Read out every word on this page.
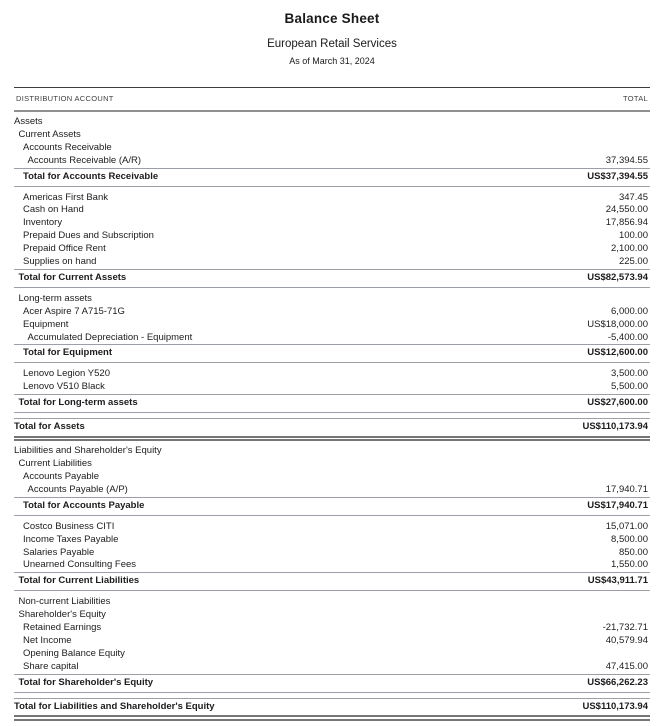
Balance Sheet
European Retail Services
As of March 31, 2024
DISTRIBUTION ACCOUNT	TOTAL
Assets
Current Assets
Accounts Receivable
Accounts Receivable (A/R)	37,394.55
Total for Accounts Receivable	US$37,394.55
Americas First Bank	347.45
Cash on Hand	24,550.00
Inventory	17,856.94
Prepaid Dues and Subscription	100.00
Prepaid Office Rent	2,100.00
Supplies on hand	225.00
Total for Current Assets	US$82,573.94
Long-term assets
Acer Aspire 7 A715-71G	6,000.00
Equipment	US$18,000.00
Accumulated Depreciation - Equipment	-5,400.00
Total for Equipment	US$12,600.00
Lenovo Legion Y520	3,500.00
Lenovo V510 Black	5,500.00
Total for Long-term assets	US$27,600.00
Total for Assets	US$110,173.94
Liabilities and Shareholder's Equity
Current Liabilities
Accounts Payable
Accounts Payable (A/P)	17,940.71
Total for Accounts Payable	US$17,940.71
Costco Business CITI	15,071.00
Income Taxes Payable	8,500.00
Salaries Payable	850.00
Unearned Consulting Fees	1,550.00
Total for Current Liabilities	US$43,911.71
Non-current Liabilities
Shareholder's Equity
Retained Earnings	-21,732.71
Net Income	40,579.94
Opening Balance Equity
Share capital	47,415.00
Total for Shareholder's Equity	US$66,262.23
Total for Liabilities and Shareholder's Equity	US$110,173.94
